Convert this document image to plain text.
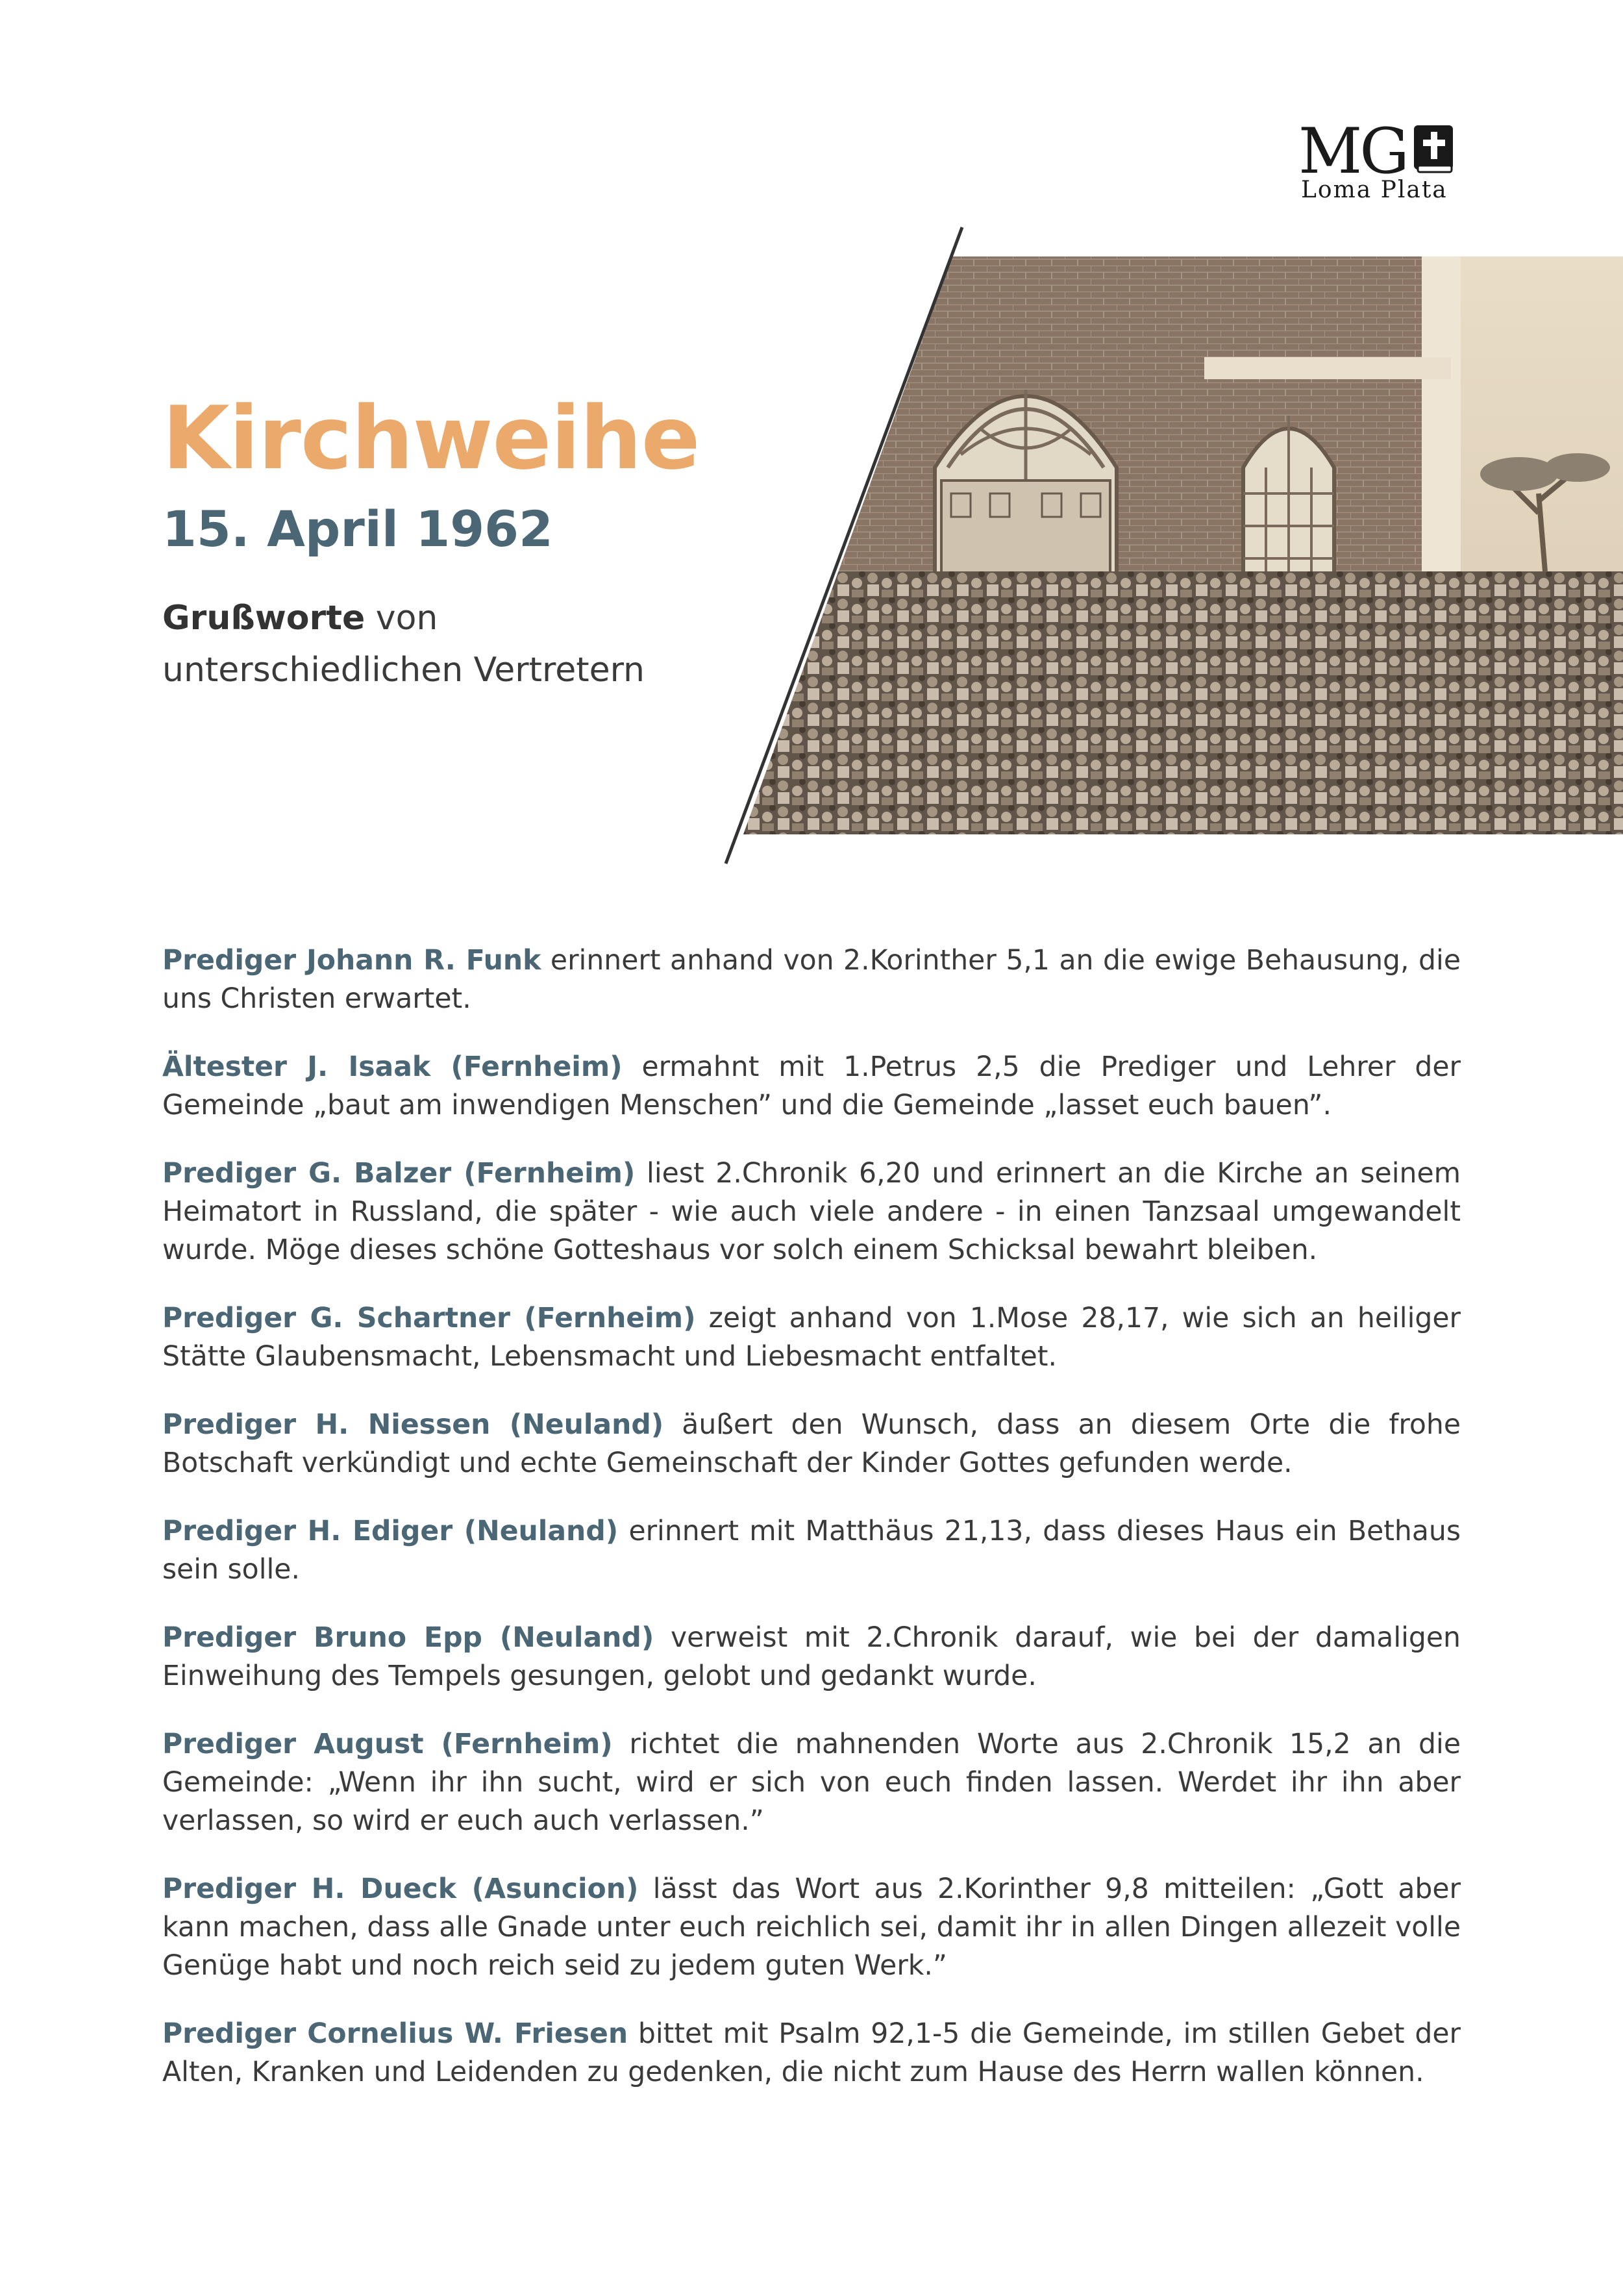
MG
Loma Plata
Kirchweihe
15. April 1962
Grußworte von unterschiedlichen Vertretern

Prediger Johann R. Funk erinnert anhand von 2.Korinther 5,1 an die ewige Behausung, die uns Christen erwartet.

Ältester J. Isaak (Fernheim) ermahnt mit 1.Petrus 2,5 die Prediger und Lehrer der Gemeinde „baut am inwendigen Menschen” und die Gemeinde „lasset euch bauen”.

Prediger G. Balzer (Fernheim) liest 2.Chronik 6,20 und erinnert an die Kirche an seinem Heimatort in Russland, die später - wie auch viele andere - in einen Tanzsaal umgewandelt wurde. Möge dieses schöne Gotteshaus vor solch einem Schicksal bewahrt bleiben.

Prediger G. Schartner (Fernheim) zeigt anhand von 1.Mose 28,17, wie sich an heiliger Stätte Glaubensmacht, Lebensmacht und Liebesmacht entfaltet.

Prediger H. Niessen (Neuland) äußert den Wunsch, dass an diesem Orte die frohe Botschaft verkündigt und echte Gemeinschaft der Kinder Gottes gefunden werde.

Prediger H. Ediger (Neuland) erinnert mit Matthäus 21,13, dass dieses Haus ein Bethaus sein solle.

Prediger Bruno Epp (Neuland) verweist mit 2.Chronik darauf, wie bei der damaligen Einweihung des Tempels gesungen, gelobt und gedankt wurde.

Prediger August (Fernheim) richtet die mahnenden Worte aus 2.Chronik 15,2 an die Gemeinde: „Wenn ihr ihn sucht, wird er sich von euch finden lassen. Werdet ihr ihn aber verlassen, so wird er euch auch verlassen.”

Prediger H. Dueck (Asuncion) lässt das Wort aus 2.Korinther 9,8 mitteilen: „Gott aber kann machen, dass alle Gnade unter euch reichlich sei, damit ihr in allen Dingen allezeit volle Genüge habt und noch reich seid zu jedem guten Werk.”

Prediger Cornelius W. Friesen bittet mit Psalm 92,1-5 die Gemeinde, im stillen Gebet der Alten, Kranken und Leidenden zu gedenken, die nicht zum Hause des Herrn wallen können.
